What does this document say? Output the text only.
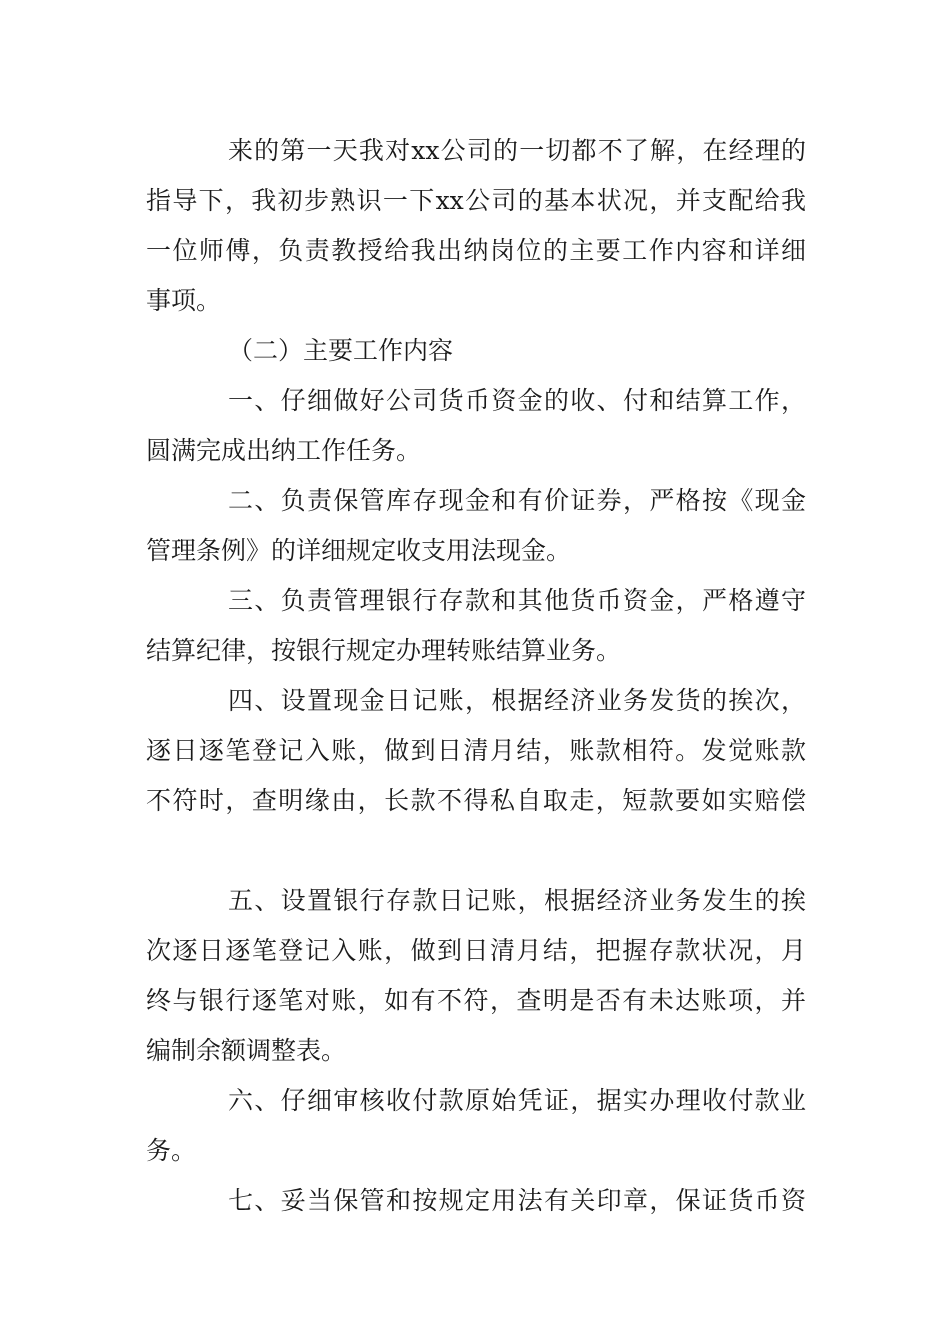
来的第一天我对xx公司的一切都不了解，在经理的
指导下，我初步熟识一下xx公司的基本状况，并支配给我
一位师傅，负责教授给我出纳岗位的主要工作内容和详细
事项。
（二）主要工作内容
一、仔细做好公司货币资金的收、付和结算工作，
圆满完成出纳工作任务。
二、负责保管库存现金和有价证券，严格按《现金
管理条例》的详细规定收支用法现金。
三、负责管理银行存款和其他货币资金，严格遵守
结算纪律，按银行规定办理转账结算业务。
四、设置现金日记账，根据经济业务发货的挨次，
逐日逐笔登记入账，做到日清月结，账款相符。发觉账款
不符时，查明缘由，长款不得私自取走，短款要如实赔偿
五、设置银行存款日记账，根据经济业务发生的挨
次逐日逐笔登记入账，做到日清月结，把握存款状况，月
终与银行逐笔对账，如有不符，查明是否有未达账项，并
编制余额调整表。
六、仔细审核收付款原始凭证，据实办理收付款业
务。
七、妥当保管和按规定用法有关印章，保证货币资
